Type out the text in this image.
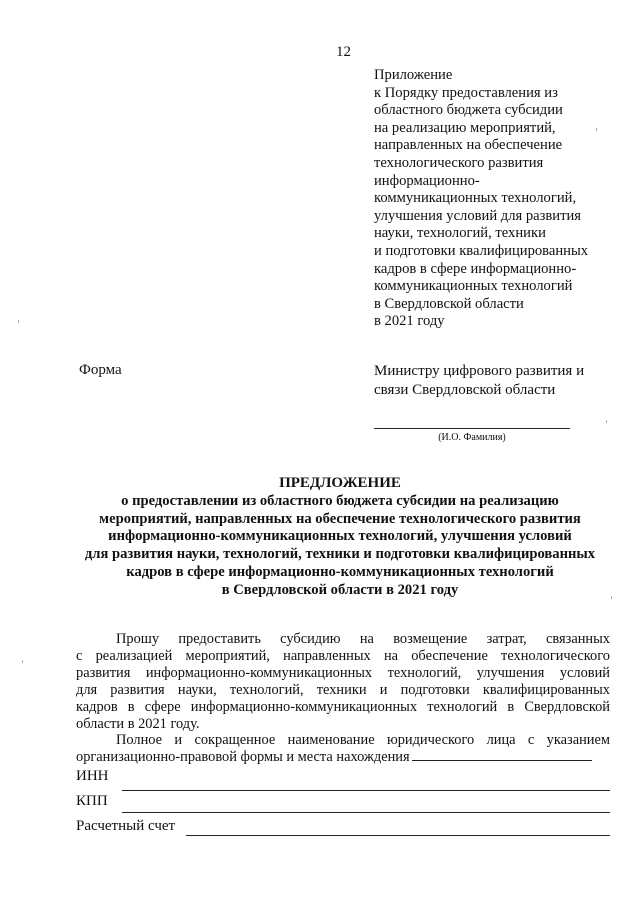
12
Приложение
к Порядку предоставления из
областного бюджета субсидии
на реализацию мероприятий,
направленных на обеспечение
технологического развития
информационно-
коммуникационных технологий,
улучшения условий для развития
науки, технологий, техники
и подготовки квалифицированных
кадров в сфере информационно-
коммуникационных технологий
в Свердловской области
в 2021 году
Форма	Министру цифрового развития и
связи Свердловской области
(И.О. Фамилия)
ПРЕДЛОЖЕНИЕ
о предоставлении из областного бюджета субсидии на реализацию
мероприятий, направленных на обеспечение технологического развития
информационно-коммуникационных технологий, улучшения условий
для развития науки, технологий, техники и подготовки квалифицированных
кадров в сфере информационно-коммуникационных технологий
в Свердловской области в 2021 году
Прошу предоставить субсидию на возмещение затрат, связанных
с реализацией мероприятий, направленных на обеспечение технологического
развития информационно-коммуникационных технологий, улучшения условий
для развития науки, технологий, техники и подготовки квалифицированных
кадров в сфере информационно-коммуникационных технологий в Свердловской
области в 2021 году.
Полное и сокращенное наименование юридического лица с указанием
организационно-правовой формы и места нахождения
ИНН
КПП
Расчетный счет
